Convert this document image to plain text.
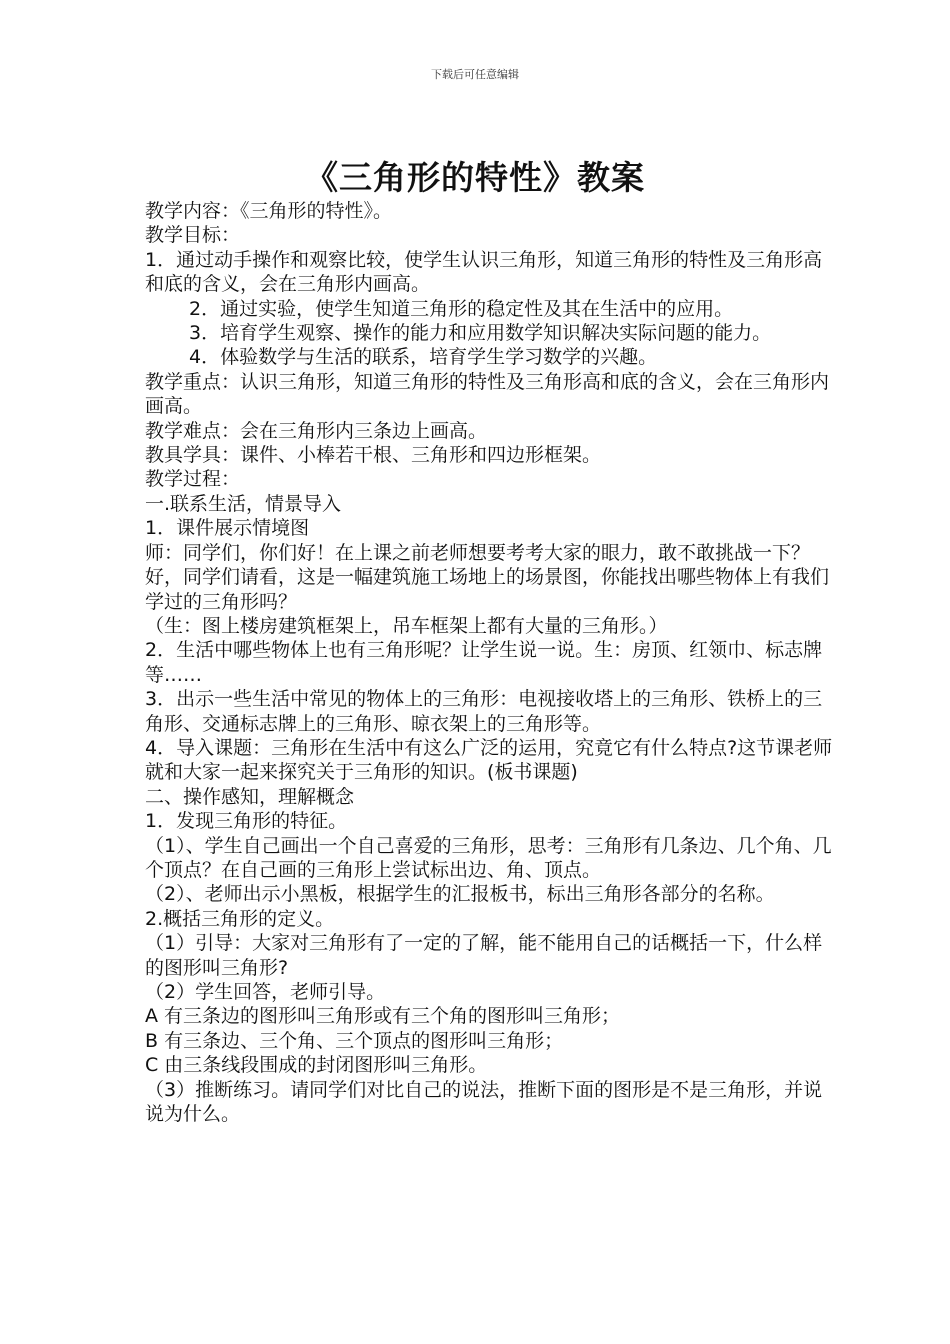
下载后可任意编辑
《三角形的特性》教案

教学内容：《三角形的特性》。

教学目标：

1．通过动手操作和观察比较，使学生认识三角形，知道三角形的特性及三角形高和底的含义，会在三角形内画高。

2．通过实验，使学生知道三角形的稳定性及其在生活中的应用。

3．培育学生观察、操作的能力和应用数学知识解决实际问题的能力。

4．体验数学与生活的联系，培育学生学习数学的兴趣。

教学重点：认识三角形，知道三角形的特性及三角形高和底的含义，会在三角形内画高。

教学难点：会在三角形内三条边上画高。

教具学具：课件、小棒若干根、三角形和四边形框架。

教学过程：

一.联系生活，情景导入

1．课件展示情境图

师：同学们，你们好！在上课之前老师想要考考大家的眼力，敢不敢挑战一下？ 好，同学们请看，这是一幅建筑施工场地上的场景图，你能找出哪些物体上有我们学过的三角形吗？

（生：图上楼房建筑框架上，吊车框架上都有大量的三角形。）

2．生活中哪些物体上也有三角形呢？让学生说一说。生：房顶、红领巾、标志牌等……

3．出示一些生活中常见的物体上的三角形：电视接收塔上的三角形、铁桥上的三角形、交通标志牌上的三角形、晾衣架上的三角形等。

4．导入课题：三角形在生活中有这么广泛的运用，究竟它有什么特点?这节课老师就和大家一起来探究关于三角形的知识。(板书课题)

二、操作感知，理解概念

1．发现三角形的特征。

（1）、学生自己画出一个自己喜爱的三角形，思考：三角形有几条边、几个角、几个顶点？在自己画的三角形上尝试标出边、角、顶点。

（2）、老师出示小黑板，根据学生的汇报板书，标出三角形各部分的名称。

2.概括三角形的定义。

（1）引导：大家对三角形有了一定的了解，能不能用自己的话概括一下，什么样的图形叫三角形?

（2）学生回答，老师引导。

A 有三条边的图形叫三角形或有三个角的图形叫三角形；

B 有三条边、三个角、三个顶点的图形叫三角形；

C 由三条线段围成的封闭图形叫三角形。

（3）推断练习。请同学们对比自己的说法，推断下面的图形是不是三角形，并说说为什么。
